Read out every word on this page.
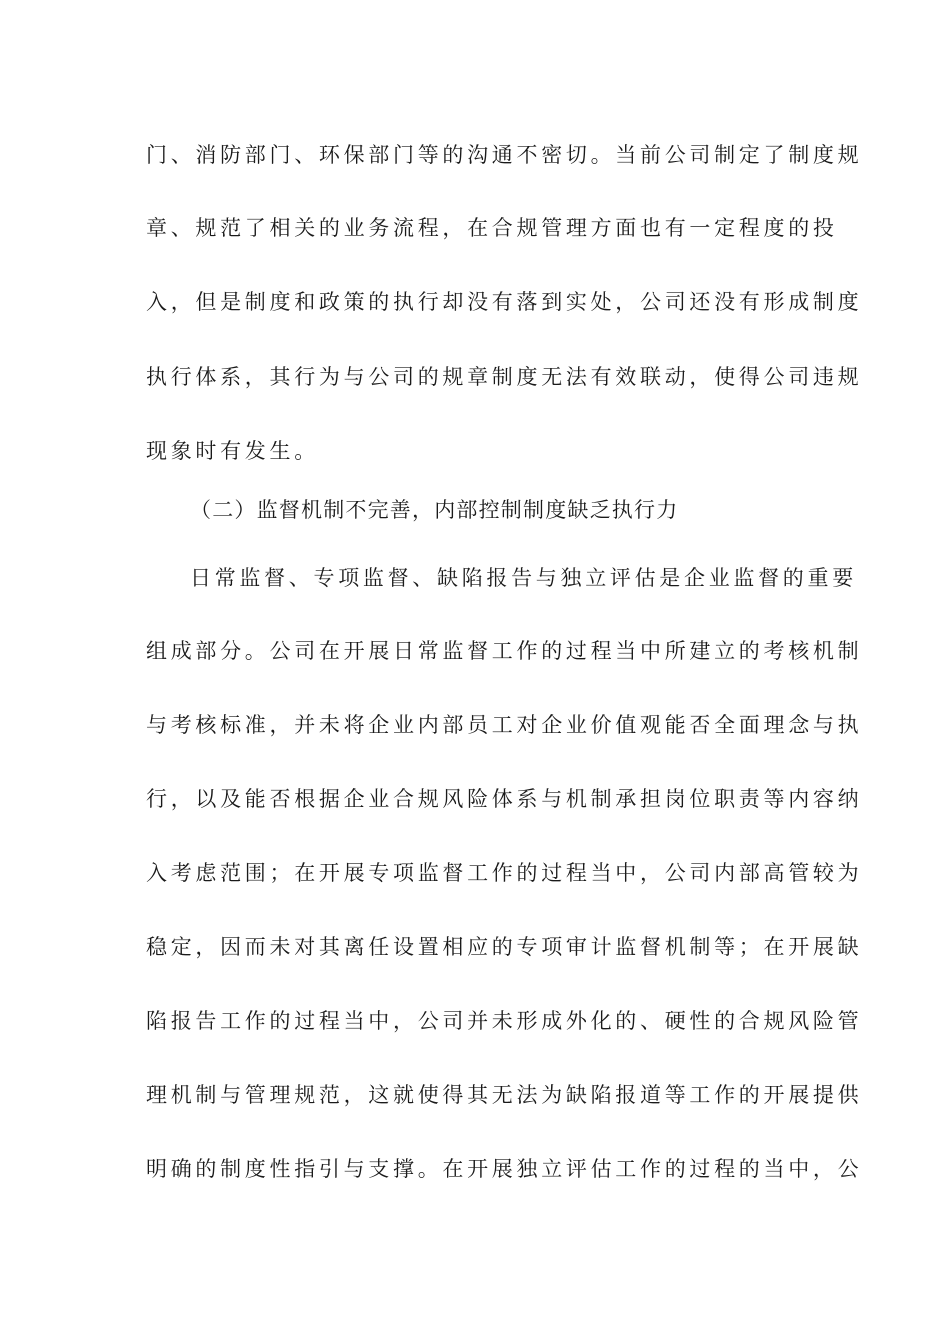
门、消防部门、环保部门等的沟通不密切。当前公司制定了制度规
章、规范了相关的业务流程，在合规管理方面也有一定程度的投
入，但是制度和政策的执行却没有落到实处，公司还没有形成制度
执行体系，其行为与公司的规章制度无法有效联动，使得公司违规
现象时有发生。
（二）监督机制不完善，内部控制制度缺乏执行力
日常监督、专项监督、缺陷报告与独立评估是企业监督的重要
组成部分。公司在开展日常监督工作的过程当中所建立的考核机制
与考核标准，并未将企业内部员工对企业价值观能否全面理念与执
行，以及能否根据企业合规风险体系与机制承担岗位职责等内容纳
入考虑范围；在开展专项监督工作的过程当中，公司内部高管较为
稳定，因而未对其离任设置相应的专项审计监督机制等；在开展缺
陷报告工作的过程当中，公司并未形成外化的、硬性的合规风险管
理机制与管理规范，这就使得其无法为缺陷报道等工作的开展提供
明确的制度性指引与支撑。在开展独立评估工作的过程的当中，公
